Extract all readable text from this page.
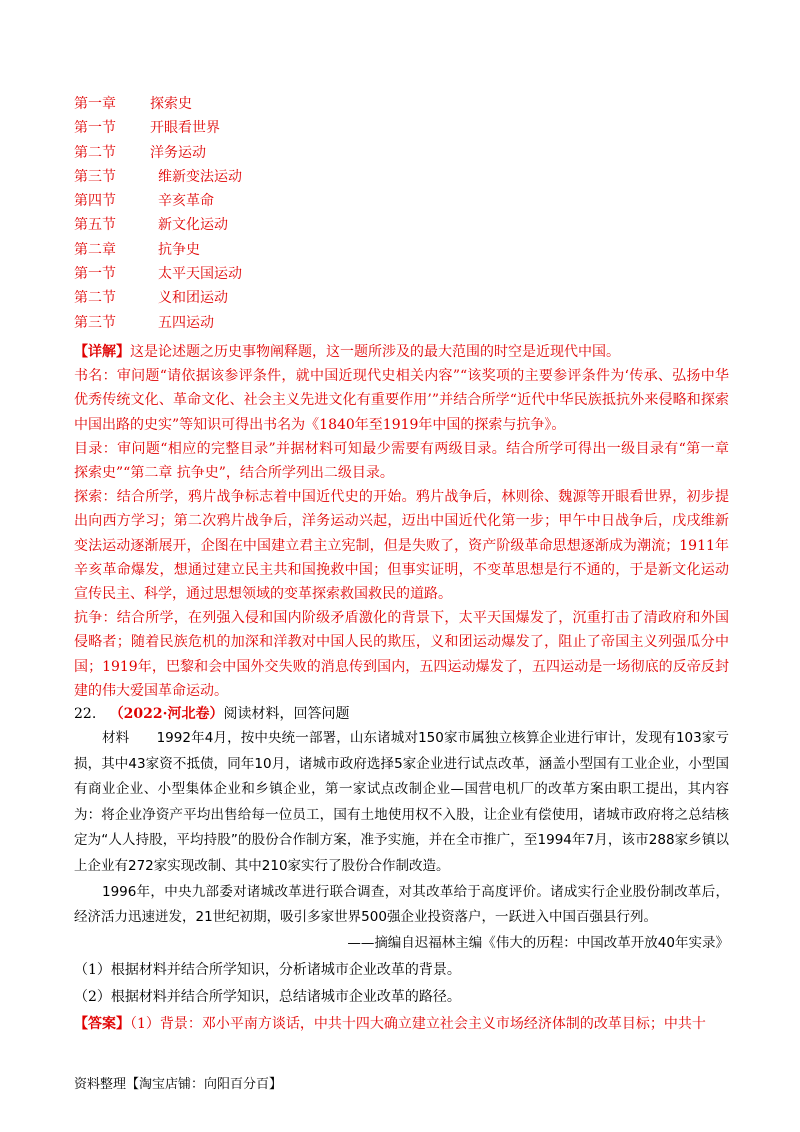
第一章 探索史
第一节 开眼看世界
第二节 洋务运动
第三节	维新变法运动
第四节	辛亥革命
第五节	新文化运动
第二章	抗争史
第一节	太平天国运动
第二节	义和团运动
第三节	五四运动

【详解】这是论述题之历史事物阐释题，这一题所涉及的最大范围的时空是近现代中国。

书名：审问题“请依据该参评条件，就中国近现代史相关内容”“该奖项的主要参评条件为‘传承、弘扬中华优秀传统文化、革命文化、社会主义先进文化有重要作用’”并结合所学“近代中华民族抵抗外来侵略和探索中国出路的史实”等知识可得出书名为《1840年至1919年中国的探索与抗争》。

目录：审问题“相应的完整目录”并据材料可知最少需要有两级目录。结合所学可得出一级目录有“第一章　探索史”“第二章 抗争史”，结合所学列出二级目录。

探索：结合所学，鸦片战争标志着中国近代史的开始。鸦片战争后，林则徐、魏源等开眼看世界，初步提出向西方学习；第二次鸦片战争后，洋务运动兴起，迈出中国近代化第一步；甲午中日战争后，戊戌维新变法运动逐渐展开，企图在中国建立君主立宪制，但是失败了，资产阶级革命思想逐渐成为潮流；1911年辛亥革命爆发，想通过建立民主共和国挽救中国；但事实证明，不变革思想是行不通的，于是新文化运动宣传民主、科学，通过思想领域的变革探索救国救民的道路。

抗争：结合所学，在列强入侵和国内阶级矛盾激化的背景下，太平天国爆发了，沉重打击了清政府和外国侵略者；随着民族危机的加深和洋教对中国人民的欺压，义和团运动爆发了，阻止了帝国主义列强瓜分中国；1919年，巴黎和会中国外交失败的消息传到国内，五四运动爆发了，五四运动是一场彻底的反帝反封建的伟大爱国革命运动。

22. （2022·河北卷）阅读材料，回答问题

材料　　1992年4月，按中央统一部署，山东诸城对150家市属独立核算企业进行审计，发现有103家亏损，其中43家资不抵债，同年10月，诸城市政府选择5家企业进行试点改革，涵盖小型国有工业企业，小型国有商业企业、小型集体企业和乡镇企业，第一家试点改制企业—国营电机厂的改革方案由职工提出，其内容为：将企业净资产平均出售给每一位员工，国有土地使用权不入股，让企业有偿使用，诸城市政府将之总结核定为“人人持股，平均持股”的股份合作制方案，准予实施，并在全市推广，至1994年7月，该市288家乡镇以上企业有272家实现改制、其中210家实行了股份合作制改造。

1996年，中央九部委对诸城改革进行联合调查，对其改革给于高度评价。诸成实行企业股份制改革后，经济活力迅速迸发，21世纪初期，吸引多家世界500强企业投资落户，一跃进入中国百强县行列。

——摘编自迟福林主编《伟大的历程：中国改革开放40年实录》

（1）根据材料并结合所学知识，分析诸城市企业改革的背景。

（2）根据材料并结合所学知识，总结诸城市企业改革的路径。

【答案】（1）背景：邓小平南方谈话，中共十四大确立建立社会主义市场经济体制的改革目标；中共十

资料整理【淘宝店铺：向阳百分百】
